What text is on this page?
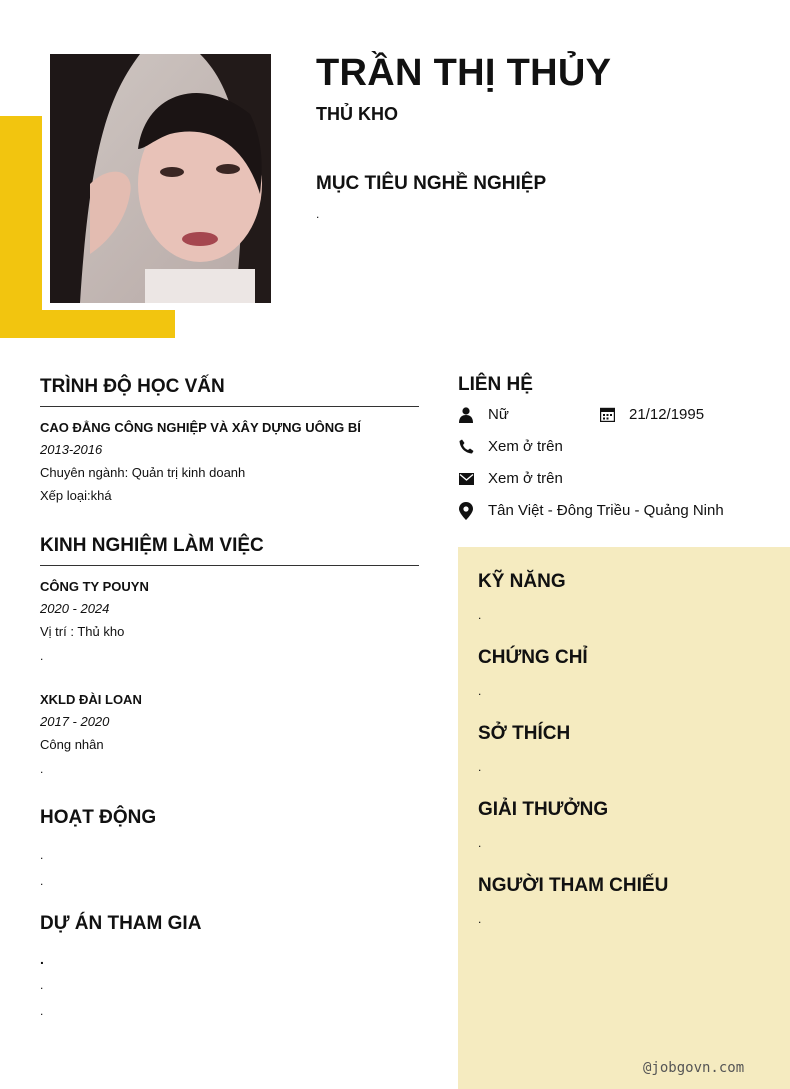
TRẦN THỊ THỦY
THỦ KHO
MỤC TIÊU NGHỀ NGHIỆP
.
TRÌNH ĐỘ HỌC VẤN
CAO ĐẲNG CÔNG NGHIỆP VÀ XÂY DỰNG UÔNG BÍ
2013-2016
Chuyên ngành: Quản trị kinh doanh
Xếp loại:khá
KINH NGHIỆM LÀM VIỆC
CÔNG TY POUYN
2020 - 2024
Vị trí : Thủ kho
.
XKLD ĐÀI LOAN
2017 - 2020
Công nhân
.
HOẠT ĐỘNG
.
.
DỰ ÁN THAM GIA
.
.
.
LIÊN HỆ
Nữ	21/12/1995
Xem ở trên
Xem ở trên
Tân Việt - Đông Triều - Quảng Ninh
KỸ NĂNG
.
CHỨNG CHỈ
.
SỞ THÍCH
.
GIẢI THƯỞNG
.
NGƯỜI THAM CHIẾU
.
@jobgovn.com
